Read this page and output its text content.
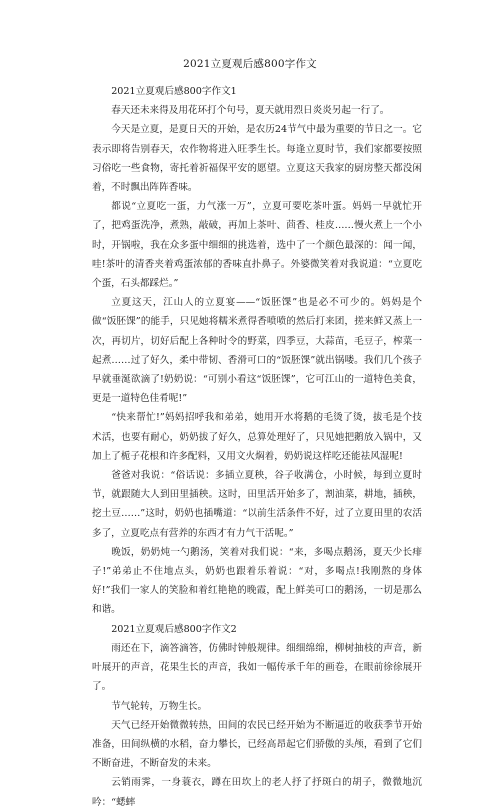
2021立夏观后感800字作文

2021立夏观后感800字作文1

春天还未来得及用花环打个句号，夏天就用烈日炎炎另起一行了。

今天是立夏，是夏日天的开始，是农历24节气中最为重要的节日之一。它表示即将告别春天，农作物将进入旺季生长。每逢立夏时节，我们家都要按照习俗吃一些食物，寄托着祈福保平安的愿望。立夏这天我家的厨房整天都没闲着，不时飘出阵阵香味。

都说“立夏吃一蛋，力气涨一万”，立夏可要吃茶叶蛋。妈妈一早就忙开了，把鸡蛋洗净，煮熟，敲破，再加上茶叶、茴香、桂皮……慢火煮上一个小时，开锅啦，我在众多蛋中细细的挑选着，选中了一个颜色最深的：闻一闻，哇!茶叶的清香夹着鸡蛋浓郁的香味直扑鼻子。外婆微笑着对我说道：“立夏吃个蛋，石头都踩烂。”

立夏这天，江山人的立夏宴——“饭胚馃”也是必不可少的。妈妈是个做“饭胚馃”的能手，只见她将糯米煮得香喷喷的然后打来团，搓来鲜又蒸上一次，再切片，切好后配上各种时令的野菜，四季豆，大蒜苗，毛豆子，榨菜一起煮……过了好久，柔中带韧、香滑可口的“饭胚馃”就出锅喽。我们几个孩子早就垂涎欲滴了!奶奶说：“可别小看这“饭胚馃”，它可江山的一道特色美食，更是一道特色佳肴呢!”

“快来帮忙!”妈妈招呼我和弟弟，她用开水将鹅的毛烫了烫，拔毛是个技术活，也要有耐心，奶奶拔了好久，总算处理好了，只见她把鹅放入锅中，又加上了栀子花根和许多配料，又用文火焖着，奶奶说这样吃还能祛风湿呢!

爸爸对我说：“俗话说：多插立夏秧，谷子收满仓，小时候，每到立夏时节，就跟随大人到田里插秧。这时，田里活开始多了，割油菜，耕地，插秧，挖土豆……”这时，奶奶也插嘴道：“以前生活条件不好，过了立夏田里的农活多了，立夏吃点有营养的东西才有力气干活呢。”

晚饭，奶奶炖一勺鹅汤，笑着对我们说：“来，多喝点鹅汤，夏天少长痱子!”弟弟止不住地点头，奶奶也跟着乐着说：“对，多喝点!我刚熬的身体好!”我们一家人的笑脸和着红艳艳的晚霞，配上鲜美可口的鹅汤，一切是那么和谐。

2021立夏观后感800字作文2

雨还在下，滴答滴答，仿佛时钟般规律。细细绵绵，柳树抽枝的声音，新叶展开的声音，花果生长的声音，我如一幅传承千年的画卷，在眼前徐徐展开了。

节气轮转，万物生长。

天气已经开始微微转热，田间的农民已经开始为不断逼近的收获季节开始准备，田间纵横的水稻，奋力攀长，已经高昂起它们骄傲的头颅，看到了它们不断奋进，不断奋发的未来。

云销雨霁，一身蓑衣，蹲在田坎上的老人抒了抒斑白的胡子，微微地沉吟：“蟋蟀
